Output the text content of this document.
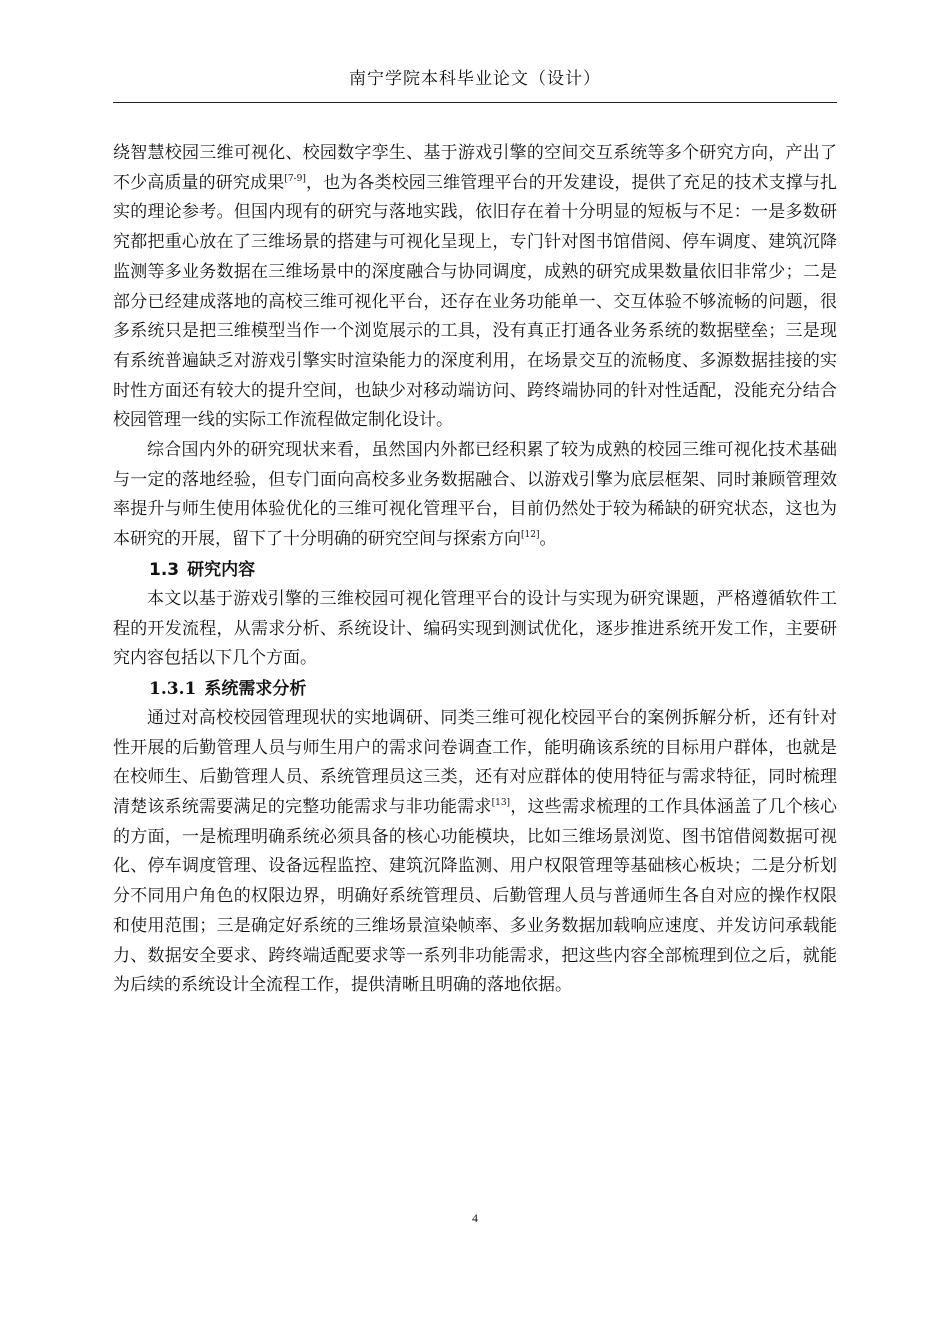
南宁学院本科毕业论文（设计）

绕智慧校园三维可视化、校园数字孪生、基于游戏引擎的空间交互系统等多个研究方向，产出了不少高质量的研究成果[7-9]，也为各类校园三维管理平台的开发建设，提供了充足的技术支撑与扎实的理论参考。但国内现有的研究与落地实践，依旧存在着十分明显的短板与不足：一是多数研究都把重心放在了三维场景的搭建与可视化呈现上，专门针对图书馆借阅、停车调度、建筑沉降监测等多业务数据在三维场景中的深度融合与协同调度，成熟的研究成果数量依旧非常少；二是部分已经建成落地的高校三维可视化平台，还存在业务功能单一、交互体验不够流畅的问题，很多系统只是把三维模型当作一个浏览展示的工具，没有真正打通各业务系统的数据壁垒；三是现有系统普遍缺乏对游戏引擎实时渲染能力的深度利用，在场景交互的流畅度、多源数据挂接的实时性方面还有较大的提升空间，也缺少对移动端访问、跨终端协同的针对性适配，没能充分结合校园管理一线的实际工作流程做定制化设计。

综合国内外的研究现状来看，虽然国内外都已经积累了较为成熟的校园三维可视化技术基础与一定的落地经验，但专门面向高校多业务数据融合、以游戏引擎为底层框架、同时兼顾管理效率提升与师生使用体验优化的三维可视化管理平台，目前仍然处于较为稀缺的研究状态，这也为本研究的开展，留下了十分明确的研究空间与探索方向[12]。

1.3 研究内容

本文以基于游戏引擎的三维校园可视化管理平台的设计与实现为研究课题，严格遵循软件工程的开发流程，从需求分析、系统设计、编码实现到测试优化，逐步推进系统开发工作，主要研究内容包括以下几个方面。

1.3.1 系统需求分析

通过对高校校园管理现状的实地调研、同类三维可视化校园平台的案例拆解分析，还有针对性开展的后勤管理人员与师生用户的需求问卷调查工作，能明确该系统的目标用户群体，也就是在校师生、后勤管理人员、系统管理员这三类，还有对应群体的使用特征与需求特征，同时梳理清楚该系统需要满足的完整功能需求与非功能需求[13]，这些需求梳理的工作具体涵盖了几个核心的方面，一是梳理明确系统必须具备的核心功能模块，比如三维场景浏览、图书馆借阅数据可视化、停车调度管理、设备远程监控、建筑沉降监测、用户权限管理等基础核心板块；二是分析划分不同用户角色的权限边界，明确好系统管理员、后勤管理人员与普通师生各自对应的操作权限和使用范围；三是确定好系统的三维场景渲染帧率、多业务数据加载响应速度、并发访问承载能力、数据安全要求、跨终端适配要求等一系列非功能需求，把这些内容全部梳理到位之后，就能为后续的系统设计全流程工作，提供清晰且明确的落地依据。

4
